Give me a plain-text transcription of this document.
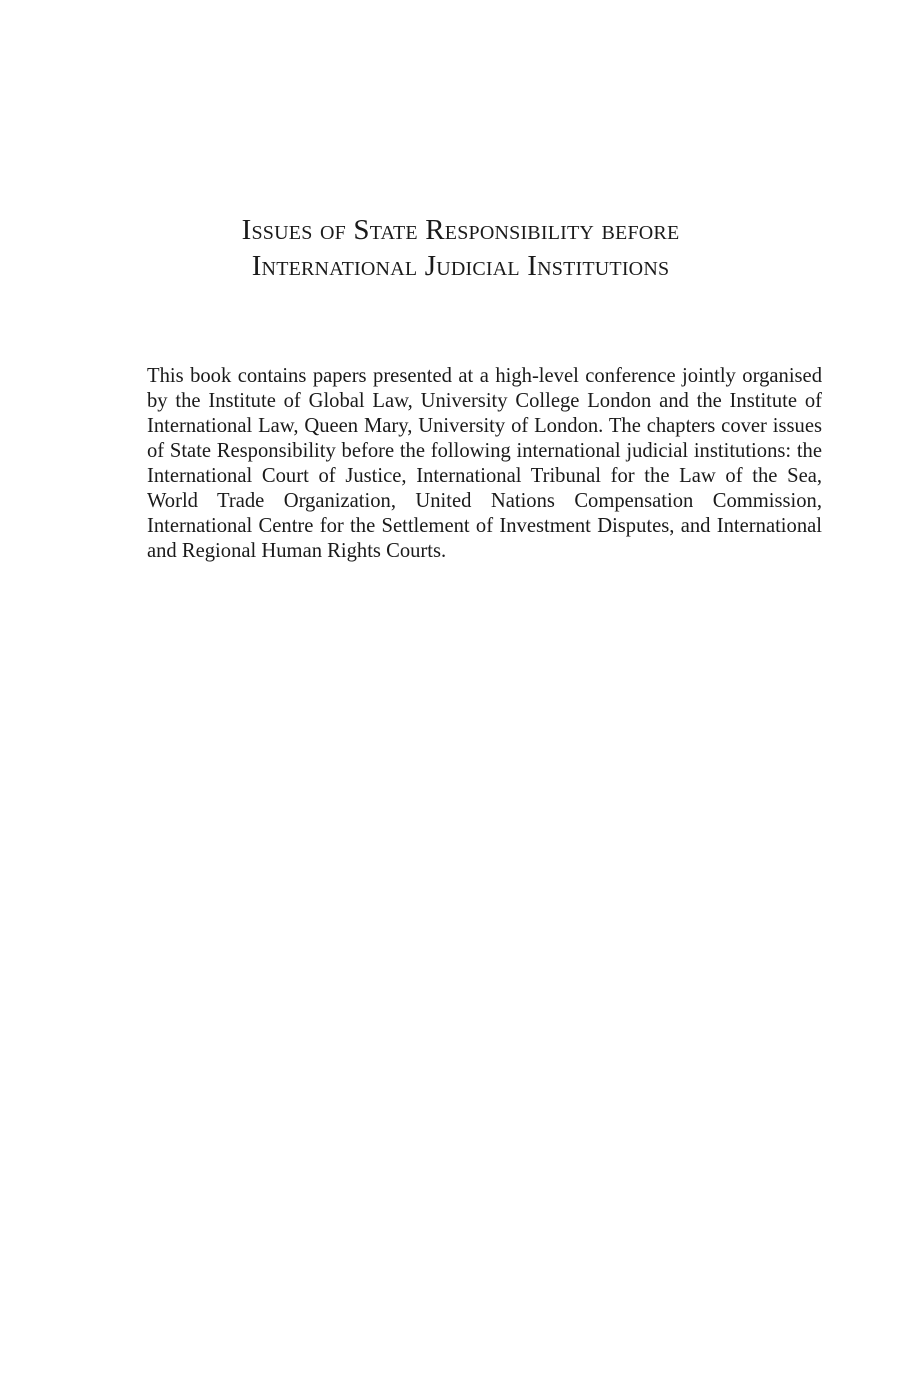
Issues of State Responsibility before
International Judicial Institutions

This book contains papers presented at a high-level conference jointly organised by the Institute of Global Law, University College London and the Institute of International Law, Queen Mary, University of London. The chapters cover issues of State Responsibility before the following international judicial institutions: the International Court of Justice, International Tribunal for the Law of the Sea, World Trade Organization, United Nations Compensation Commission, International Centre for the Settlement of Investment Disputes, and International and Regional Human Rights Courts.
